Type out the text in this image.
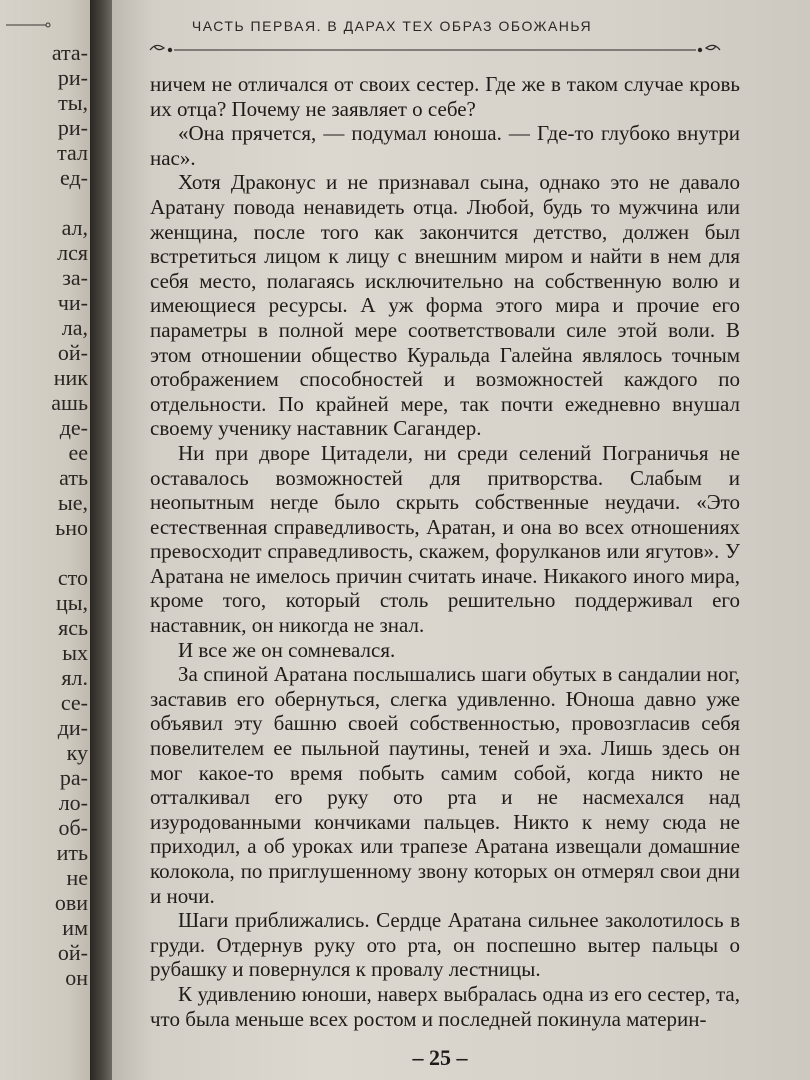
ата-
ри-
ты,
ри-
тал
ед-
ал,
лся
за-
чи-
ла,
ой-
ник
ашь
де-
ее
ать
ые,
ьно
сто
цы,
ясь
ых
ял.
се-
ди-
ку
ра-
ло-
об-
ить
не
ови
им
ой-
он
ЧАСТЬ ПЕРВАЯ. В ДАРАХ ТЕХ ОБРАЗ ОБОЖАНЬЯ

ничем не отличался от своих сестер. Где же в таком случае кровь их отца? Почему не заявляет о себе?

«Она прячется, — подумал юноша. — Где-то глубоко внутри нас».

Хотя Драконус и не признавал сына, однако это не давало Аратану повода ненавидеть отца. Любой, будь то мужчина или женщина, после того как закончится детство, должен был встретиться лицом к лицу с внешним миром и найти в нем для себя место, полагаясь исключительно на собственную волю и имеющиеся ресурсы. А уж форма этого мира и прочие его параметры в полной мере соответствовали силе этой воли. В этом отношении общество Куральда Галейна являлось точным отображением способностей и возможностей каждого по отдельности. По крайней мере, так почти ежедневно внушал своему ученику наставник Сагандер.

Ни при дворе Цитадели, ни среди селений Пограничья не оставалось возможностей для притворства. Слабым и неопытным негде было скрыть собственные неудачи. «Это естественная справедливость, Аратан, и она во всех отношениях превосходит справедливость, скажем, форулканов или ягутов». У Аратана не имелось причин считать иначе. Никакого иного мира, кроме того, который столь решительно поддерживал его наставник, он никогда не знал.

И все же он сомневался.

За спиной Аратана послышались шаги обутых в сандалии ног, заставив его обернуться, слегка удивленно. Юноша давно уже объявил эту башню своей собственностью, провозгласив себя повелителем ее пыльной паутины, теней и эха. Лишь здесь он мог какое-то время побыть самим собой, когда никто не отталкивал его руку ото рта и не насмехался над изуродованными кончиками пальцев. Никто к нему сюда не приходил, а об уроках или трапезе Аратана извещали домашние колокола, по приглушенному звону которых он отмерял свои дни и ночи.

Шаги приближались. Сердце Аратана сильнее заколотилось в груди. Отдернув руку ото рта, он поспешно вытер пальцы о рубашку и повернулся к провалу лестницы.

К удивлению юноши, наверх выбралась одна из его сестер, та, что была меньше всех ростом и последней покинула материн-

– 25 –
